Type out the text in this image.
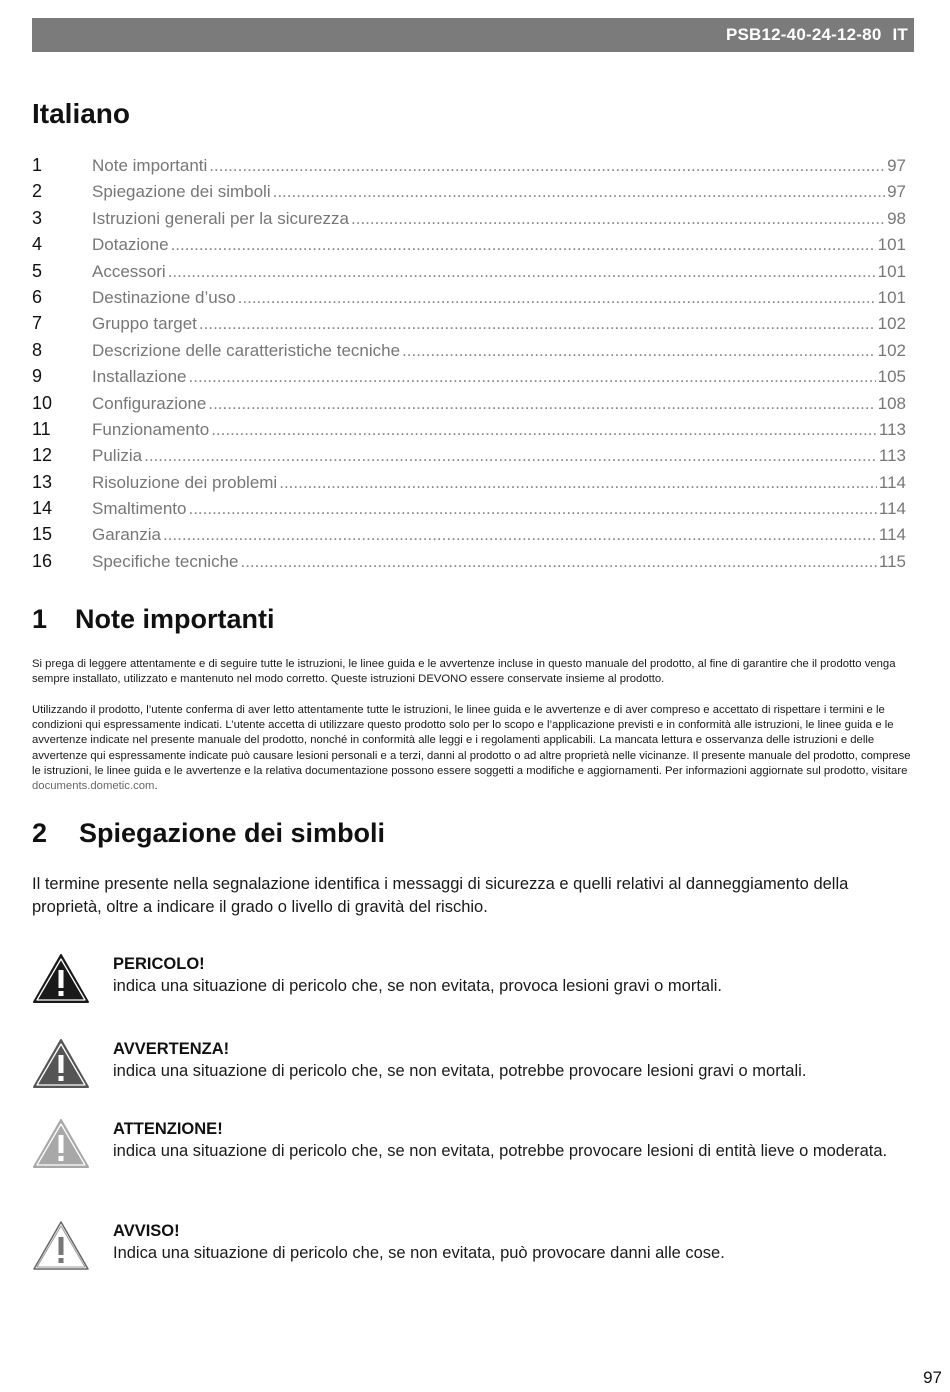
PSB12-40-24-12-80 IT
Italiano
1	Note importanti .....	97
2	Spiegazione dei simboli .....	97
3	Istruzioni generali per la sicurezza .....	98
4	Dotazione .....	101
5	Accessori .....	101
6	Destinazione d’uso .....	101
7	Gruppo target .....	102
8	Descrizione delle caratteristiche tecniche .....	102
9	Installazione .....	105
10	Configurazione .....	108
11	Funzionamento .....	113
12	Pulizia .....	113
13	Risoluzione dei problemi .....	114
14	Smaltimento .....	114
15	Garanzia .....	114
16	Specifiche tecniche .....	115
1	Note importanti

Si prega di leggere attentamente e di seguire tutte le istruzioni, le linee guida e le avvertenze incluse in questo manuale del prodotto, al fine di garantire che il prodotto venga sempre installato, utilizzato e mantenuto nel modo corretto. Queste istruzioni DEVONO essere conservate insieme al prodotto.

Utilizzando il prodotto, l’utente conferma di aver letto attentamente tutte le istruzioni, le linee guida e le avvertenze e di aver compreso e accettato di rispettare i termini e le condizioni qui espressamente indicati. L’utente accetta di utilizzare questo prodotto solo per lo scopo e l’applicazione previsti e in conformità alle istruzioni, le linee guida e le avvertenze indicate nel presente manuale del prodotto, nonché in conformità alle leggi e i regolamenti applicabili. La mancata lettura e osservanza delle istruzioni e delle avvertenze qui espressamente indicate può causare lesioni personali e a terzi, danni al prodotto o ad altre proprietà nelle vicinanze. Il presente manuale del prodotto, comprese le istruzioni, le linee guida e le avvertenze e la relativa documentazione possono essere soggetti a modifiche e aggiornamenti. Per informazioni aggiornate sul prodotto, visitare documents.dometic.com.

2	Spiegazione dei simboli

Il termine presente nella segnalazione identifica i messaggi di sicurezza e quelli relativi al danneggiamento della proprietà, oltre a indicare il grado o livello di gravità del rischio.

PERICOLO!
indica una situazione di pericolo che, se non evitata, provoca lesioni gravi o mortali.
AVVERTENZA!
indica una situazione di pericolo che, se non evitata, potrebbe provocare lesioni gravi o mortali.
ATTENZIONE!
indica una situazione di pericolo che, se non evitata, potrebbe provocare lesioni di entità lieve o moderata.
AVVISO!
Indica una situazione di pericolo che, se non evitata, può provocare danni alle cose.
97
